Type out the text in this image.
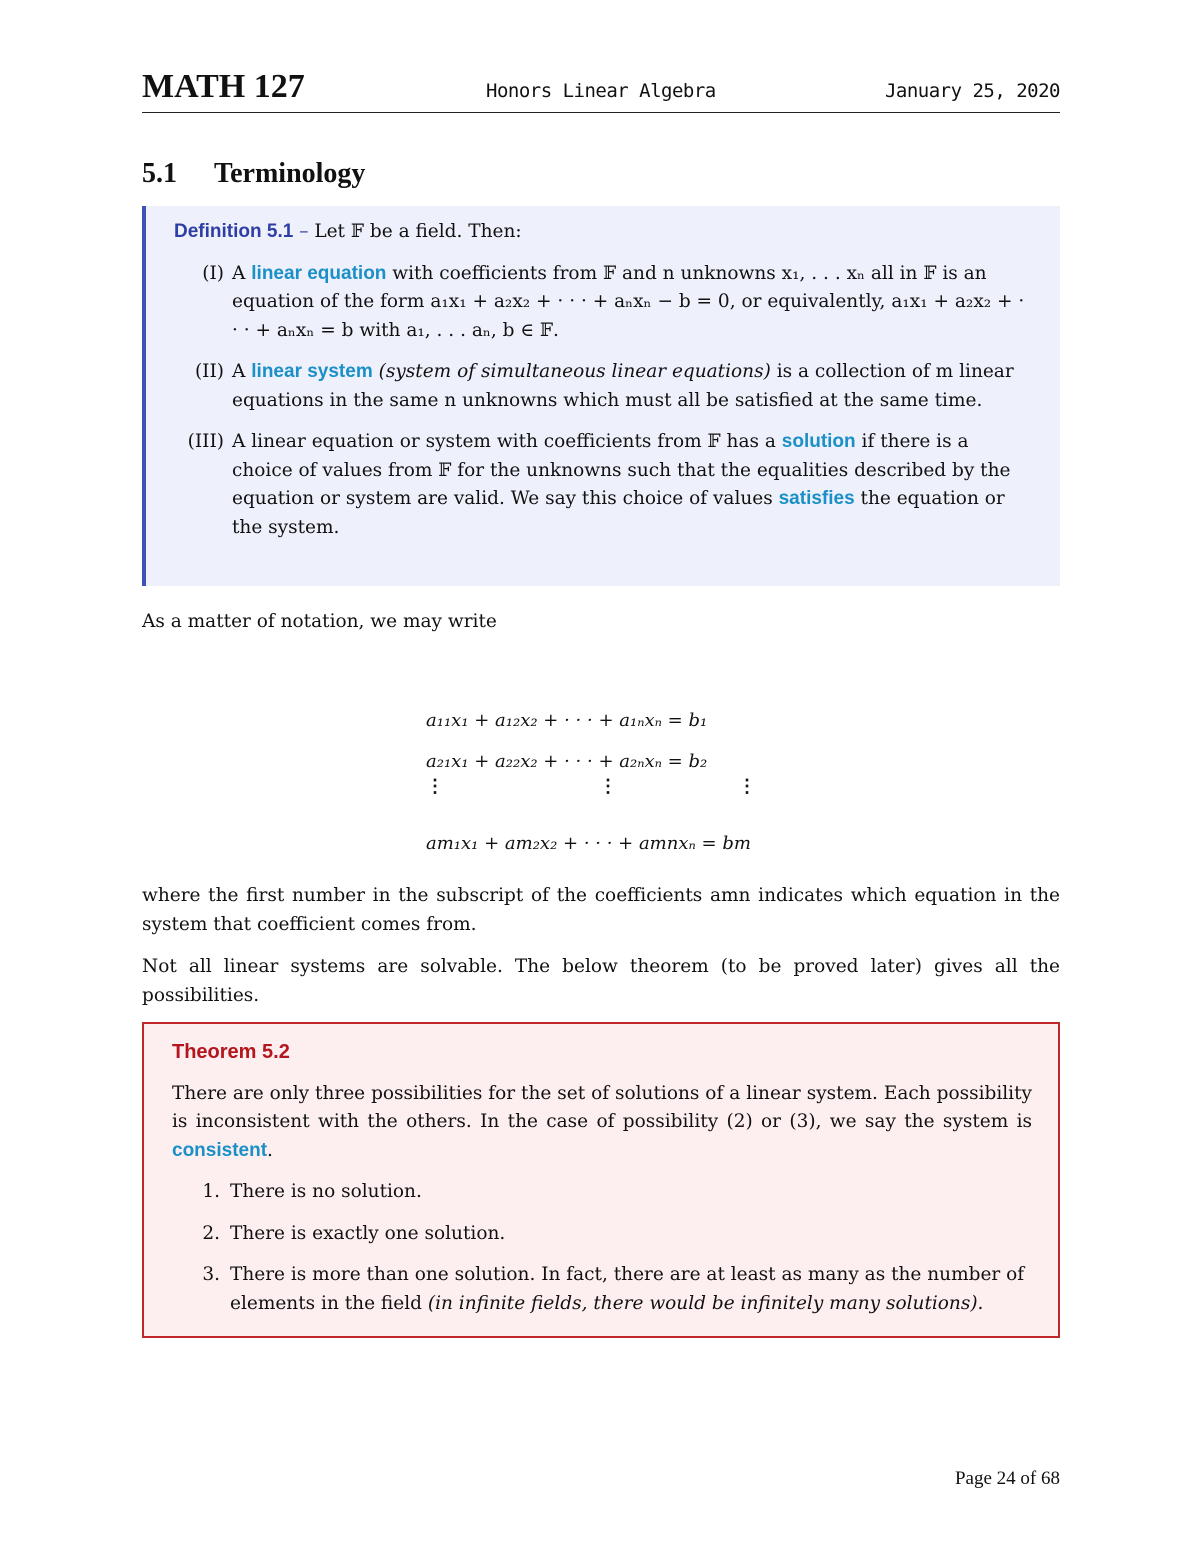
MATH 127	Honors Linear Algebra	January 25, 2020
5.1 Terminology
Definition 5.1 – Let 𝔽 be a field. Then:
(I) A linear equation with coefficients from 𝔽 and n unknowns x₁, . . . xₙ all in 𝔽 is an equation of the form a₁x₁ + a₂x₂ + · · · + aₙxₙ − b = 0, or equivalently, a₁x₁ + a₂x₂ + · · · + aₙxₙ = b with a₁, . . . aₙ, b ∈ 𝔽.
(II) A linear system (system of simultaneous linear equations) is a collection of m linear equations in the same n unknowns which must all be satisfied at the same time.
(III) A linear equation or system with coefficients from 𝔽 has a solution if there is a choice of values from 𝔽 for the unknowns such that the equalities described by the equation or system are valid. We say this choice of values satisfies the equation or the system.
As a matter of notation, we may write
a₁₁x₁ + a₁₂x₂ + · · · + a₁ₙxₙ = b₁
a₂₁x₁ + a₂₂x₂ + · · · + a₂ₙxₙ = b₂
⋮	⋮	⋮
am₁x₁ + am₂x₂ + · · · + amnxₙ = bm
where the first number in the subscript of the coefficients amn indicates which equation in the system that coefficient comes from.
Not all linear systems are solvable. The below theorem (to be proved later) gives all the possibilities.
Theorem 5.2
There are only three possibilities for the set of solutions of a linear system. Each possibility is inconsistent with the others. In the case of possibility (2) or (3), we say the system is consistent.
1. There is no solution.
2. There is exactly one solution.
3. There is more than one solution. In fact, there are at least as many as the number of elements in the field (in infinite fields, there would be infinitely many solutions).
Page 24 of 68
